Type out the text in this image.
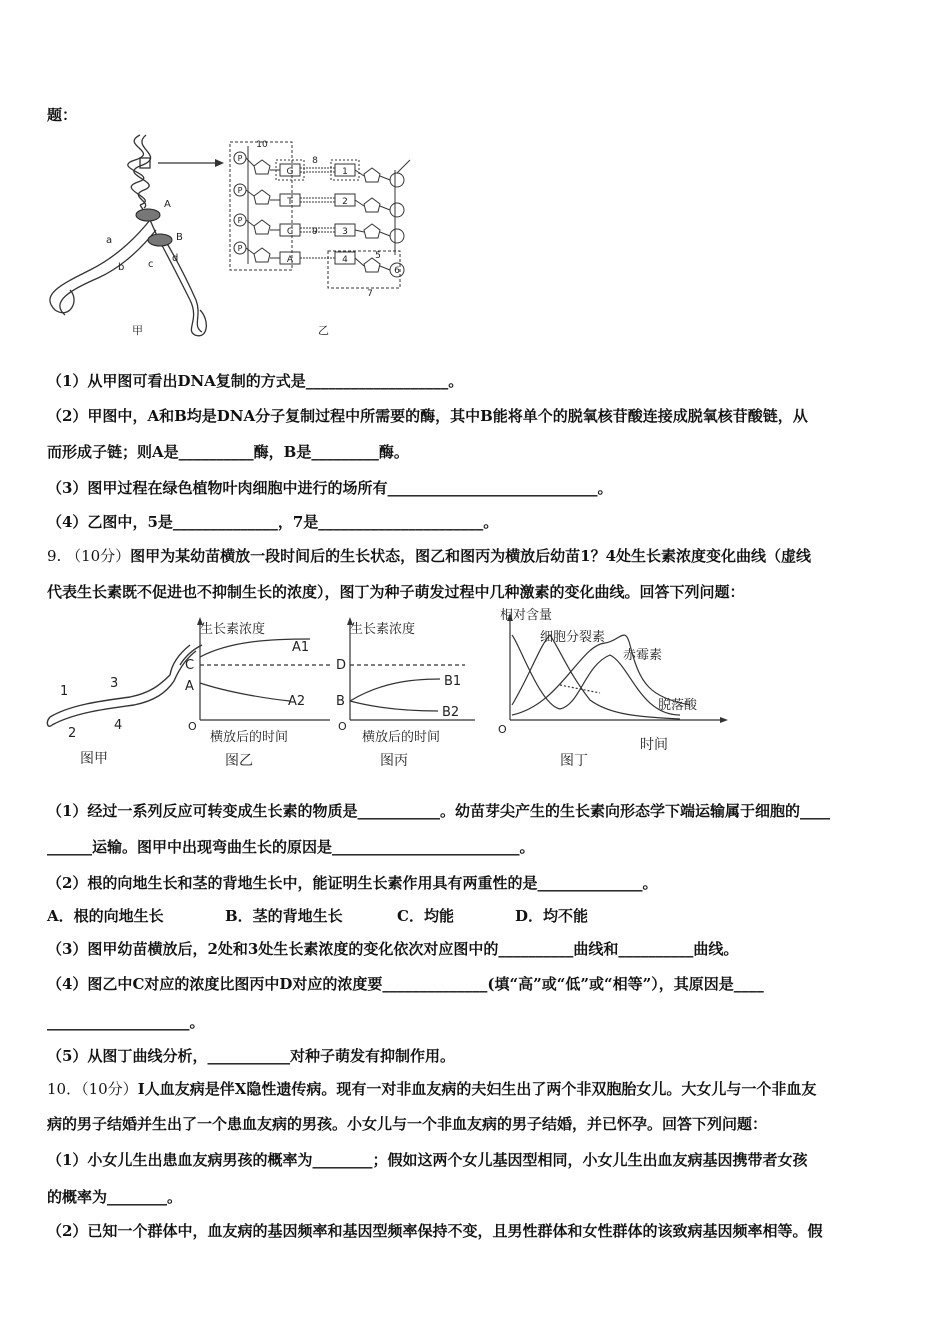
题：
A
B
a
b c
d
甲	乙
10
8
9
7
P
P
P
P
G
T
C
A
1
2
3
4	5
6
（1）从甲图可看出DNA复制的方式是___________________。
（2）甲图中，A和B均是DNA分子复制过程中所需要的酶，其中B能将单个的脱氧核苷酸连接成脱氧核苷酸链，从
而形成子链；则A是__________酶，B是_________酶。
（3）图甲过程在绿色植物叶肉细胞中进行的场所有____________________________。
（4）乙图中，5是______________，7是______________________。
9. （10分）图甲为某幼苗横放一段时间后的生长状态，图乙和图丙为横放后幼苗1？4处生长素浓度变化曲线（虚线
代表生长素既不促进也不抑制生长的浓度），图丁为种子萌发过程中几种激素的变化曲线。回答下列问题：
1
2
3
4
图甲
生长素浓度
C
A
A1
A2
O
横放后的时间
图乙
生长素浓度
D
B
B1
B2
O
横放后的时间
图丙
相对含量
细胞分裂素
赤霉素
脱落酸
O
时间
图丁
（1）经过一系列反应可转变成生长素的物质是___________。幼苗芽尖产生的生长素向形态学下端运输属于细胞的____
______运输。图甲中出现弯曲生长的原因是_________________________。
（2）根的向地生长和茎的背地生长中，能证明生长素作用具有两重性的是______________。
A．根的向地生长	B．茎的背地生长	C．均能	D．均不能
（3）图甲幼苗横放后，2处和3处生长素浓度的变化依次对应图中的__________曲线和__________曲线。
（4）图乙中C对应的浓度比图丙中D对应的浓度要______________(填“高”或“低”或“相等”），其原因是____
___________________。
（5）从图丁曲线分析，___________对种子萌发有抑制作用。
10．（10分）Ⅰ人血友病是伴X隐性遗传病。现有一对非血友病的夫妇生出了两个非双胞胎女儿。大女儿与一个非血友
病的男子结婚并生出了一个患血友病的男孩。小女儿与一个非血友病的男子结婚，并已怀孕。回答下列问题：
（1）小女儿生出患血友病男孩的概率为________；假如这两个女儿基因型相同，小女儿生出血友病基因携带者女孩
的概率为________。
（2）已知一个群体中，血友病的基因频率和基因型频率保持不变，且男性群体和女性群体的该致病基因频率相等。假
